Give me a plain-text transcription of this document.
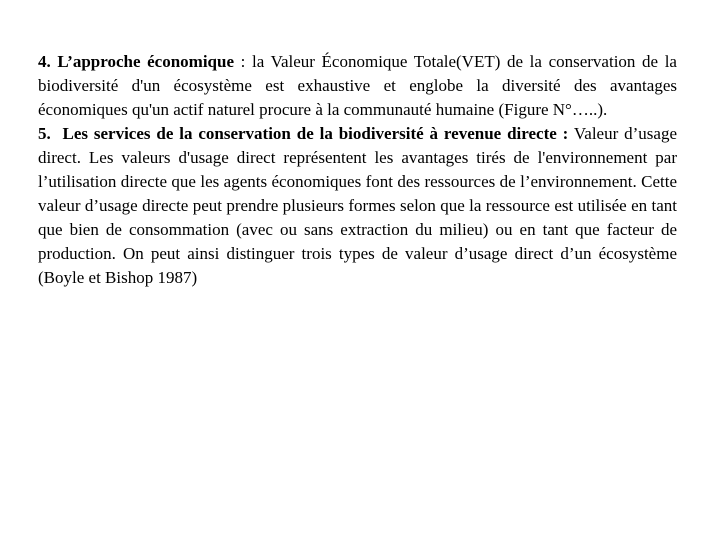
4. L’approche économique : la Valeur Économique Totale(VET) de la conservation de la biodiversité d'un écosystème est exhaustive et englobe la diversité des avantages économiques qu'un actif naturel procure à la communauté humaine (Figure N°…..).

5. Les services de la conservation de la biodiversité à revenue directe : Valeur d’usage direct. Les valeurs d'usage direct représentent les avantages tirés de l'environnement par l’utilisation directe que les agents économiques font des ressources de l’environnement. Cette valeur d’usage directe peut prendre plusieurs formes selon que la ressource est utilisée en tant que bien de consommation (avec ou sans extraction du milieu) ou en tant que facteur de production. On peut ainsi distinguer trois types de valeur d’usage direct d’un écosystème (Boyle et Bishop 1987)
